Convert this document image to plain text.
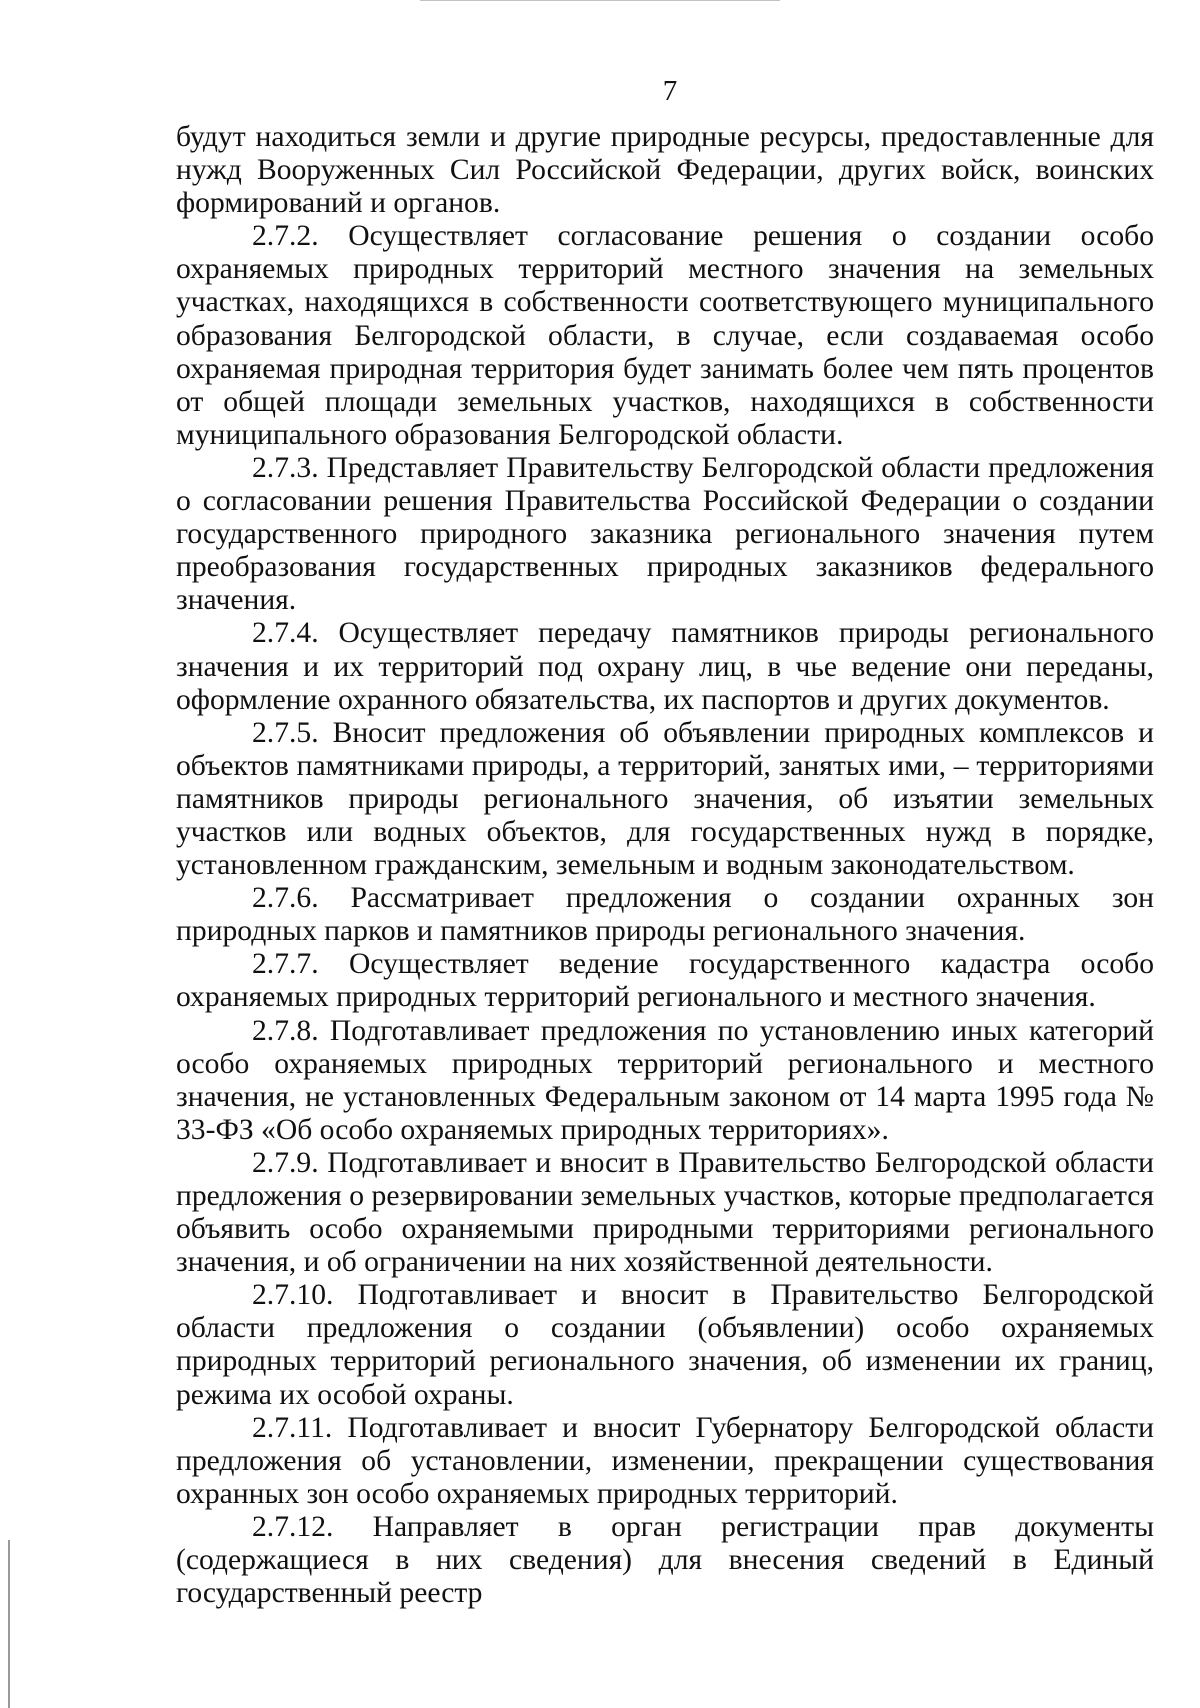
7

будут находиться земли и другие природные ресурсы, предоставленные для нужд Вооруженных Сил Российской Федерации, других войск, воинских формирований и органов.

2.7.2. Осуществляет согласование решения о создании особо охраняемых природных территорий местного значения на земельных участках, находящихся в собственности соответствующего муниципального образования Белгородской области, в случае, если создаваемая особо охраняемая природная территория будет занимать более чем пять процентов от общей площади земельных участков, находящихся в собственности муниципального образования Белгородской области.

2.7.3. Представляет Правительству Белгородской области предложения о согласовании решения Правительства Российской Федерации о создании государственного природного заказника регионального значения путем преобразования государственных природных заказников федерального значения.

2.7.4. Осуществляет передачу памятников природы регионального значения и их территорий под охрану лиц, в чье ведение они переданы, оформление охранного обязательства, их паспортов и других документов.

2.7.5. Вносит предложения об объявлении природных комплексов и объектов памятниками природы, а территорий, занятых ими, – территориями памятников природы регионального значения, об изъятии земельных участков или водных объектов, для государственных нужд в порядке, установленном гражданским, земельным и водным законодательством.

2.7.6. Рассматривает предложения о создании охранных зон природных парков и памятников природы регионального значения.

2.7.7. Осуществляет ведение государственного кадастра особо охраняемых природных территорий регионального и местного значения.

2.7.8. Подготавливает предложения по установлению иных категорий особо охраняемых природных территорий регионального и местного значения, не установленных Федеральным законом от 14 марта 1995 года № 33-ФЗ «Об особо охраняемых природных территориях».

2.7.9. Подготавливает и вносит в Правительство Белгородской области предложения о резервировании земельных участков, которые предполагается объявить особо охраняемыми природными территориями регионального значения, и об ограничении на них хозяйственной деятельности.

2.7.10. Подготавливает и вносит в Правительство Белгородской области предложения о создании (объявлении) особо охраняемых природных территорий регионального значения, об изменении их границ, режима их особой охраны.

2.7.11. Подготавливает и вносит Губернатору Белгородской области предложения об установлении, изменении, прекращении существования охранных зон особо охраняемых природных территорий.

2.7.12. Направляет в орган регистрации прав документы (содержащиеся в них сведения) для внесения сведений в Единый государственный реестр
